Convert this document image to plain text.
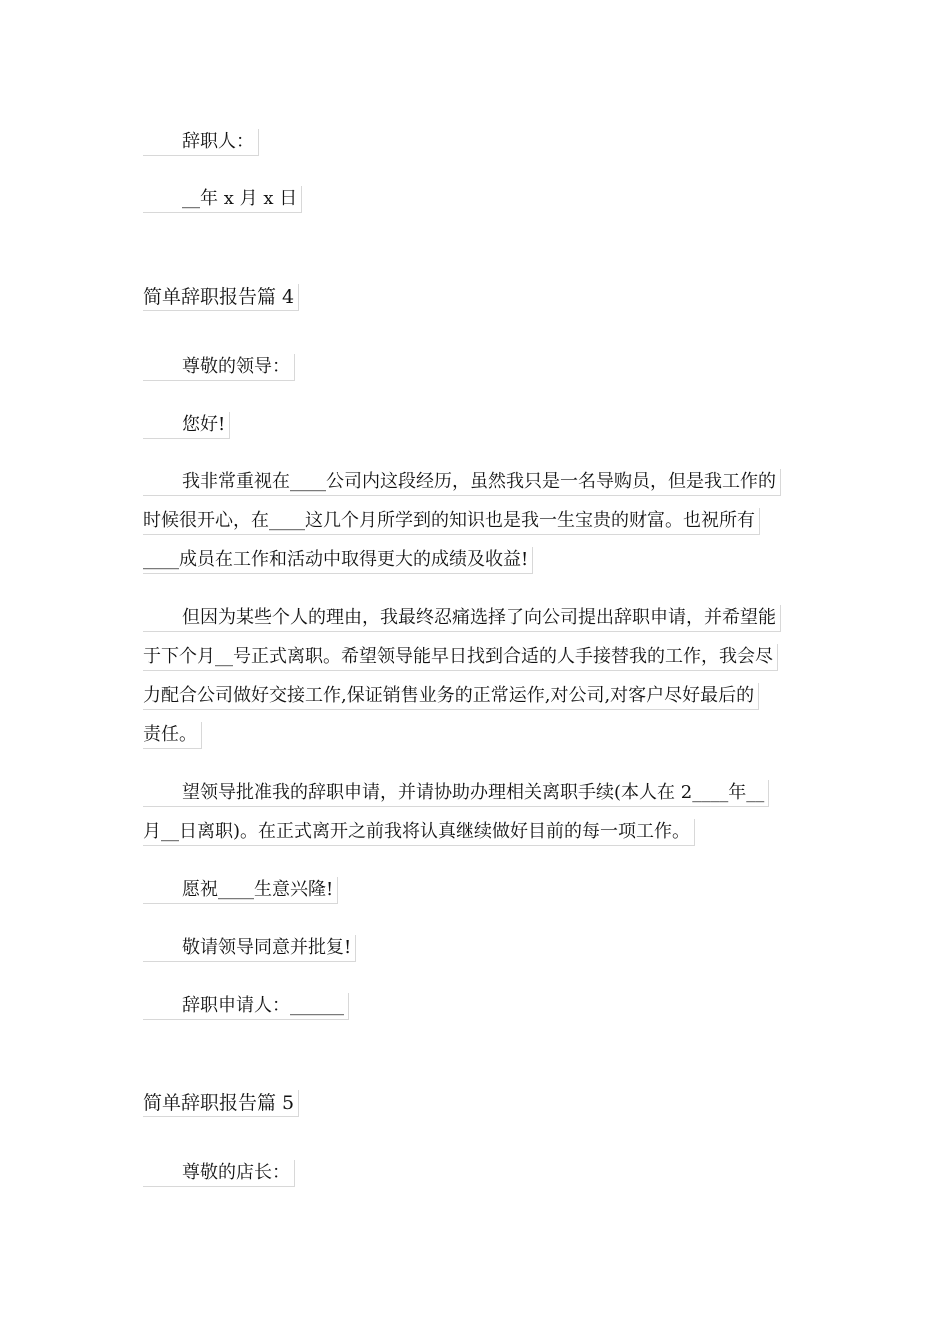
辞职人：
__年 x 月 x 日
简单辞职报告篇 4
尊敬的领导：
您好!
我非常重视在____公司内这段经历，虽然我只是一名导购员，但是我工作的
时候很开心，在____这几个月所学到的知识也是我一生宝贵的财富。也祝所有
____成员在工作和活动中取得更大的成绩及收益!
但因为某些个人的理由，我最终忍痛选择了向公司提出辞职申请，并希望能
于下个月__号正式离职。希望领导能早日找到合适的人手接替我的工作，我会尽
力配合公司做好交接工作,保证销售业务的正常运作,对公司,对客户尽好最后的
责任。
望领导批准我的辞职申请，并请协助办理相关离职手续(本人在 2____年__
月__日离职)。在正式离开之前我将认真继续做好目前的每一项工作。
愿祝____生意兴隆!
敬请领导同意并批复!
辞职申请人：______
简单辞职报告篇 5
尊敬的店长：
